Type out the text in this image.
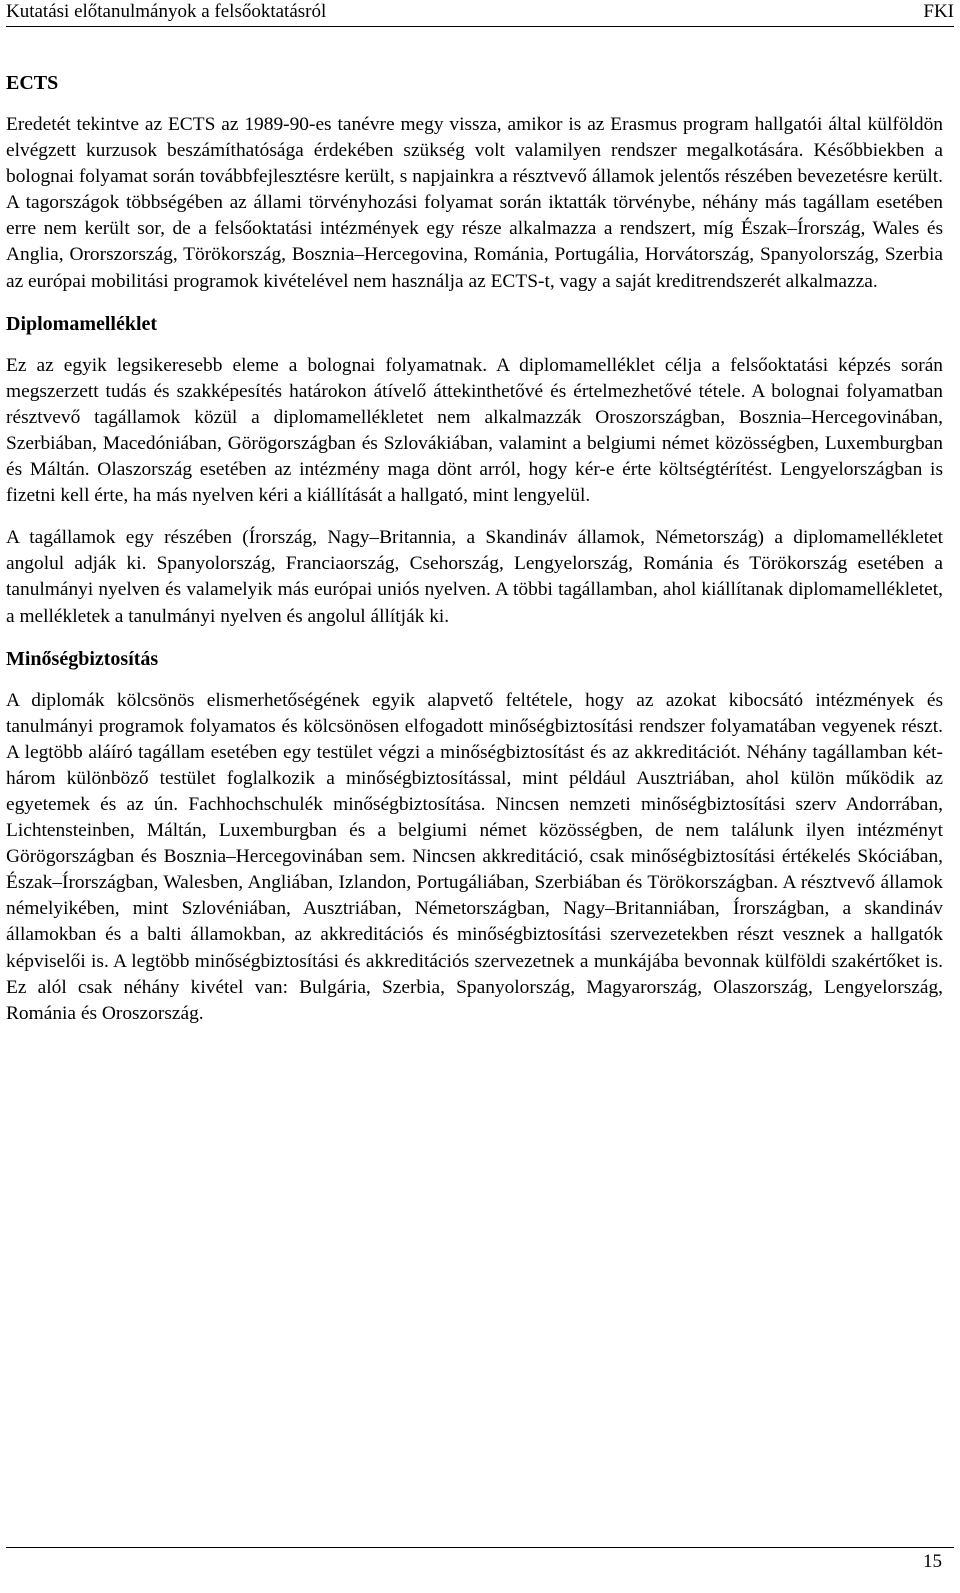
Kutatási előtanulmányok a felsőoktatásról	FKI
ECTS

Eredetét tekintve az ECTS az 1989-90-es tanévre megy vissza, amikor is az Erasmus program hallgatói által külföldön elvégzett kurzusok beszámíthatósága érdekében szükség volt valamilyen rendszer megalkotására. Későbbiekben a bolognai folyamat során továbbfejlesztésre került, s napjainkra a résztvevő államok jelentős részében bevezetésre került. A tagországok többségében az állami törvényhozási folyamat során iktatták törvénybe, néhány más tagállam esetében erre nem került sor, de a felsőoktatási intézmények egy része alkalmazza a rendszert, míg Észak–Írország, Wales és Anglia, Ororszország, Törökország, Bosznia–Hercegovina, Románia, Portugália, Horvátország, Spanyolország, Szerbia az európai mobilitási programok kivételével nem használja az ECTS-t, vagy a saját kreditrendszerét alkalmazza.

Diplomamelléklet

Ez az egyik legsikeresebb eleme a bolognai folyamatnak. A diplomamelléklet célja a felsőoktatási képzés során megszerzett tudás és szakképesítés határokon átívelő áttekinthetővé és értelmezhetővé tétele. A bolognai folyamatban résztvevő tagállamok közül a diplomamellékletet nem alkalmazzák Oroszországban, Bosznia–Hercegovinában, Szerbiában, Macedóniában, Görögországban és Szlovákiában, valamint a belgiumi német közösségben, Luxemburgban és Máltán. Olaszország esetében az intézmény maga dönt arról, hogy kér-e érte költségtérítést. Lengyelországban is fizetni kell érte, ha más nyelven kéri a kiállítását a hallgató, mint lengyelül.

A tagállamok egy részében (Írország, Nagy–Britannia, a Skandináv államok, Németország) a diplomamellékletet angolul adják ki. Spanyolország, Franciaország, Csehország, Lengyelország, Románia és Törökország esetében a tanulmányi nyelven és valamelyik más európai uniós nyelven. A többi tagállamban, ahol kiállítanak diplomamellékletet, a mellékletek a tanulmányi nyelven és angolul állítják ki.

Minőségbiztosítás

A diplomák kölcsönös elismerhetőségének egyik alapvető feltétele, hogy az azokat kibocsátó intézmények és tanulmányi programok folyamatos és kölcsönösen elfogadott minőségbiztosítási rendszer folyamatában vegyenek részt. A legtöbb aláíró tagállam esetében egy testület végzi a minőségbiztosítást és az akkreditációt. Néhány tagállamban két-három különböző testület foglalkozik a minőségbiztosítással, mint például Ausztriában, ahol külön működik az egyetemek és az ún. Fachhochschulék minőségbiztosítása. Nincsen nemzeti minőségbiztosítási szerv Andorrában, Lichtensteinben, Máltán, Luxemburgban és a belgiumi német közösségben, de nem találunk ilyen intézményt Görögországban és Bosznia–Hercegovinában sem. Nincsen akkreditáció, csak minőségbiztosítási értékelés Skóciában, Észak–Írországban, Walesben, Angliában, Izlandon, Portugáliában, Szerbiában és Törökországban. A résztvevő államok némelyikében, mint Szlovéniában, Ausztriában, Németországban, Nagy–Britanniában, Írországban, a skandináv államokban és a balti államokban, az akkreditációs és minőségbiztosítási szervezetekben részt vesznek a hallgatók képviselői is. A legtöbb minőségbiztosítási és akkreditációs szervezetnek a munkájába bevonnak külföldi szakértőket is. Ez alól csak néhány kivétel van: Bulgária, Szerbia, Spanyolország, Magyarország, Olaszország, Lengyelország, Románia és Oroszország.

15
